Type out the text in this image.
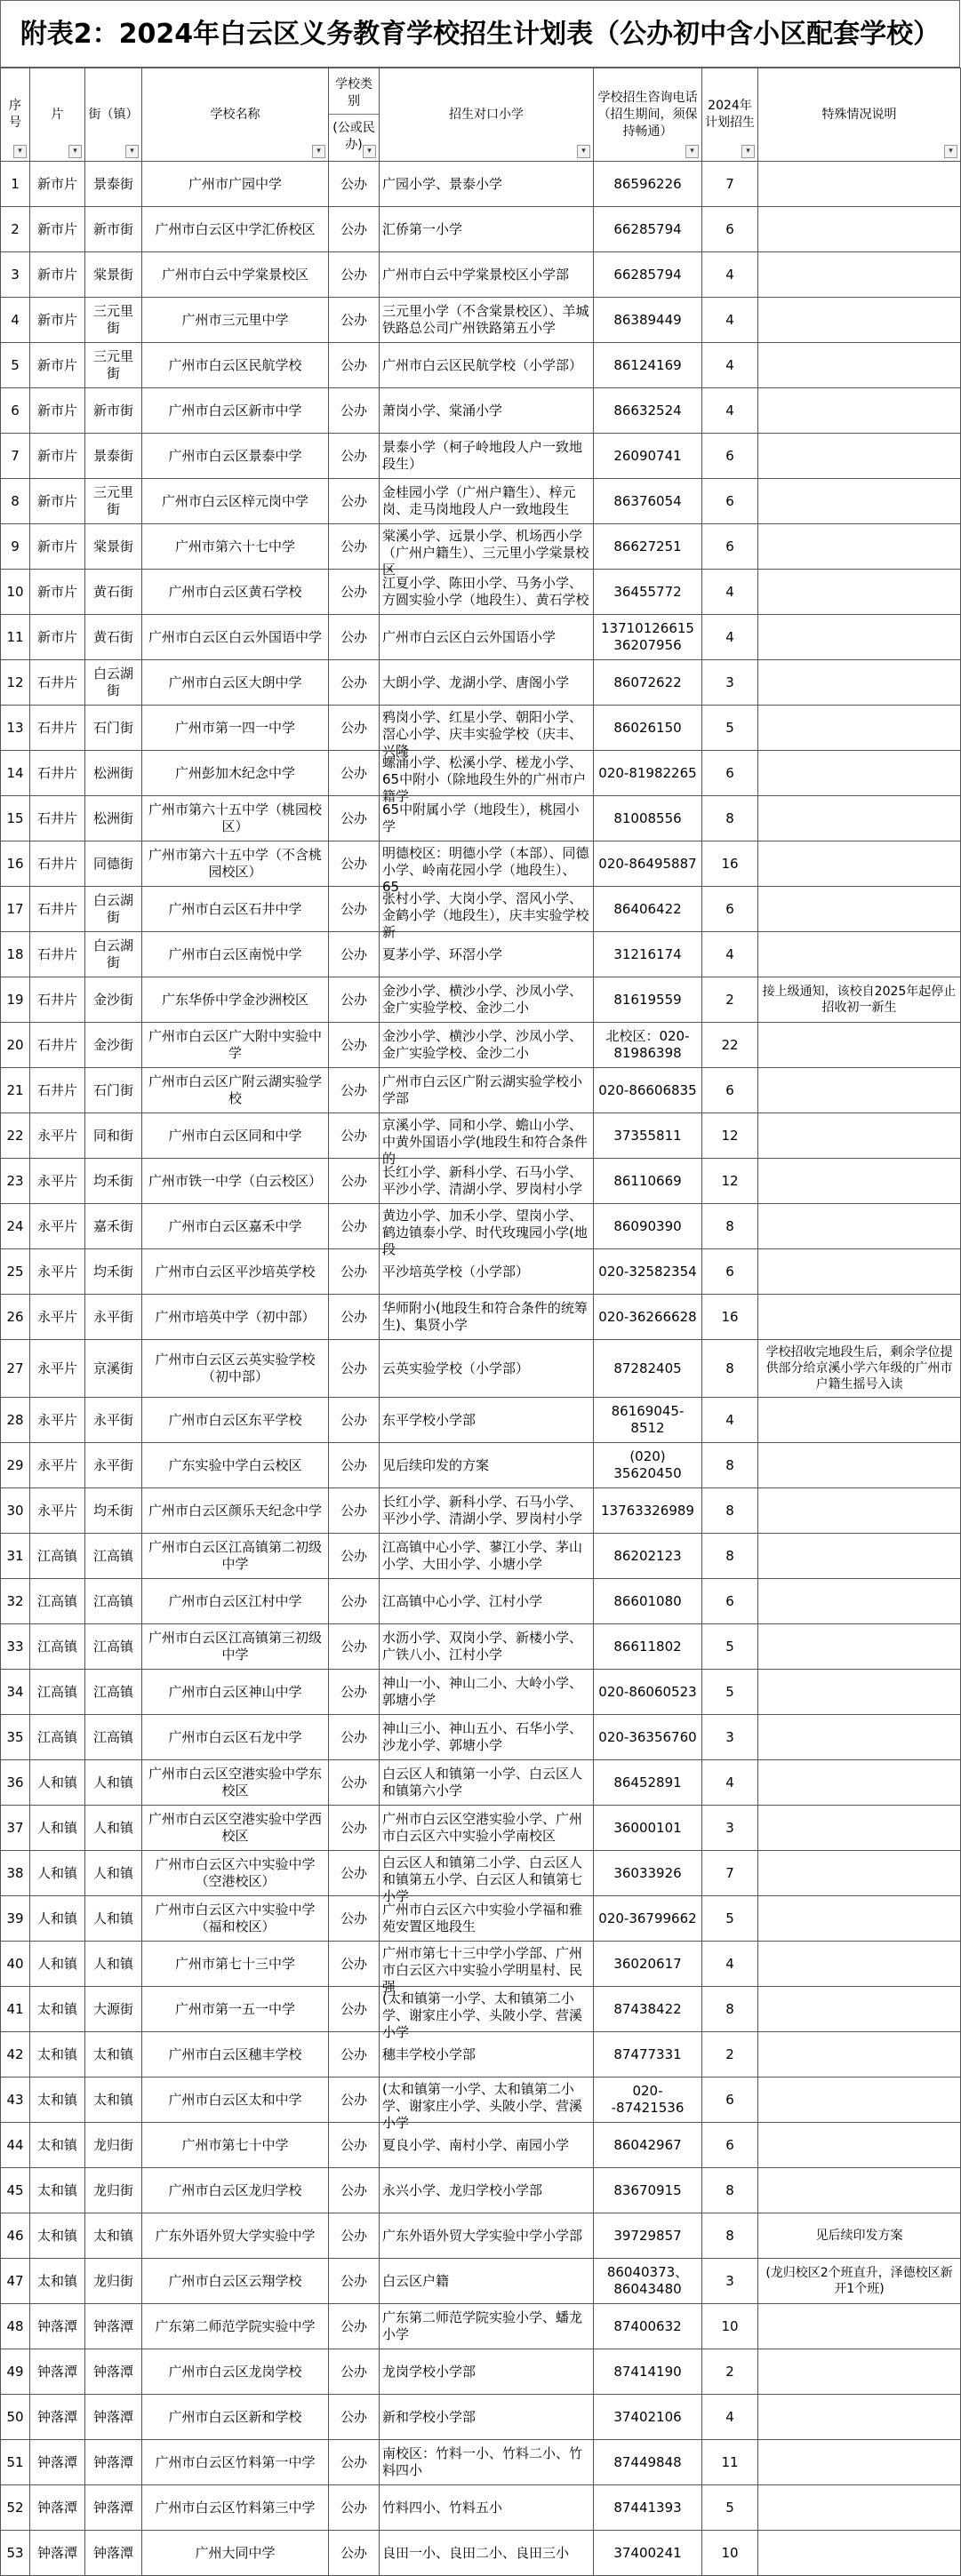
附表2：2024年白云区义务教育学校招生计划表（公办初中含小区配套学校）
序号 ▾	片 ▾	街（镇） ▾	学校名称 ▾	学校类别
(公或民办)
▾	招生对口小学 ▾	学校招生咨询电话（招生期间，须保持畅通） ▾	2024年计划招生 ▾	特殊情况说明 ▾

1	新市片	景泰街	广州市广园中学	公办	广园小学、景泰小学	86596226	7	

2	新市片	新市街	广州市白云区中学汇侨校区	公办	汇侨第一小学	66285794	6	

3	新市片	棠景街	广州市白云中学棠景校区	公办	广州市白云中学棠景校区小学部	66285794	4	

4	新市片	三元里街	广州市三元里中学	公办	三元里小学（不含棠景校区）、羊城铁路总公司广州铁路第五小学	86389449	4	

5	新市片	三元里街	广州市白云区民航学校	公办	广州市白云区民航学校（小学部）	86124169	4	

6	新市片	新市街	广州市白云区新市中学	公办	萧岗小学、棠涌小学	86632524	4	

7	新市片	景泰街	广州市白云区景泰中学	公办	景泰小学（柯子岭地段人户一致地段生）	26090741	6	

8	新市片	三元里街	广州市白云区梓元岗中学	公办	金桂园小学（广州户籍生）、梓元岗、走马岗地段人户一致地段生	86376054	6	

9	新市片	棠景街	广州市第六十七中学	公办	棠溪小学、远景小学、机场西小学（广州户籍生）、三元里小学棠景校区	86627251	6	

10	新市片	黄石街	广州市白云区黄石学校	公办	江夏小学、陈田小学、马务小学、方圆实验小学（地段生）、黄石学校	36455772	4	

11	新市片	黄石街	广州市白云区白云外国语中学	公办	广州市白云区白云外国语小学	13710126615
36207956	4	

12	石井片	白云湖街	广州市白云区大朗中学	公办	大朗小学、龙湖小学、唐阁小学	86072622	3	

13	石井片	石门街	广州市第一四一中学	公办	鸦岗小学、红星小学、朝阳小学、滘心小学、庆丰实验学校（庆丰、兴隆	86026150	5	

14	石井片	松洲街	广州彭加木纪念中学	公办	螺涌小学、松溪小学、槎龙小学、65中附小（除地段生外的广州市户籍学	020-81982265	6	

15	石井片	松洲街	广州市第六十五中学（桃园校区）	公办	65中附属小学（地段生），桃园小学	81008556	8	

16	石井片	同德街	广州市第六十五中学（不含桃园校区）	公办	明德校区：明德小学（本部）、同德小学、岭南花园小学（地段生）、65	020-86495887	16	

17	石井片	白云湖街	广州市白云区石井中学	公办	张村小学、大岗小学、滘风小学、金鹤小学（地段生），庆丰实验学校新	86406422	6	

18	石井片	白云湖街	广州市白云区南悦中学	公办	夏茅小学、环滘小学	31216174	4	

19	石井片	金沙街	广东华侨中学金沙洲校区	公办	金沙小学、横沙小学、沙凤小学、金广实验学校、金沙二小	81619559	2	接上级通知，该校自2025年起停止招收初一新生

20	石井片	金沙街	广州市白云区广大附中实验中学	公办	金沙小学、横沙小学、沙凤小学、金广实验学校、金沙二小	北校区：020-81986398	22	

21	石井片	石门街	广州市白云区广附云湖实验学校	公办	广州市白云区广附云湖实验学校小学部	020-86606835	6	

22	永平片	同和街	广州市白云区同和中学	公办	京溪小学、同和小学、蟾山小学、中黄外国语小学(地段生和符合条件的	37355811	12	

23	永平片	均禾街	广州市铁一中学（白云校区）	公办	长红小学、新科小学、石马小学、平沙小学、清湖小学、罗岗村小学	86110669	12	

24	永平片	嘉禾街	广州市白云区嘉禾中学	公办	黄边小学、加禾小学、望岗小学、鹤边镇泰小学、时代玫瑰园小学(地段	86090390	8	

25	永平片	均禾街	广州市白云区平沙培英学校	公办	平沙培英学校（小学部）	020-32582354	6	

26	永平片	永平街	广州市培英中学（初中部）	公办	华师附小(地段生和符合条件的统筹生)、集贤小学	020-36266628	16	

27	永平片	京溪街	广州市白云区云英实验学校（初中部）	公办	云英实验学校（小学部）	87282405	8	学校招收完地段生后，剩余学位提供部分给京溪小学六年级的广州市户籍生摇号入读

28	永平片	永平街	广州市白云区东平学校	公办	东平学校小学部	86169045-8512	4	

29	永平片	永平街	广东实验中学白云校区	公办	见后续印发的方案	(020) 35620450	8	

30	永平片	均禾街	广州市白云区颜乐天纪念中学	公办	长红小学、新科小学、石马小学、平沙小学、清湖小学、罗岗村小学	13763326989	8	

31	江高镇	江高镇	广州市白云区江高镇第二初级中学	公办	江高镇中心小学、蓼江小学、茅山小学、大田小学、小塘小学	86202123	8	

32	江高镇	江高镇	广州市白云区江村中学	公办	江高镇中心小学、江村小学	86601080	6	

33	江高镇	江高镇	广州市白云区江高镇第三初级中学	公办	水沥小学、双岗小学、新楼小学、广铁八小、江村小学	86611802	5	

34	江高镇	江高镇	广州市白云区神山中学	公办	神山一小、神山二小、大岭小学、郭塘小学	020-86060523	5	

35	江高镇	江高镇	广州市白云区石龙中学	公办	神山三小、神山五小、石华小学、沙龙小学、郭塘小学	020-36356760	3	

36	人和镇	人和镇	广州市白云区空港实验中学东校区	公办	白云区人和镇第一小学、白云区人和镇第六小学	86452891	4	

37	人和镇	人和镇	广州市白云区空港实验中学西校区	公办	广州市白云区空港实验小学、广州市白云区六中实验小学南校区	36000101	3	

38	人和镇	人和镇	广州市白云区六中实验中学（空港校区）	公办	白云区人和镇第二小学、白云区人和镇第五小学、白云区人和镇第七小学	36033926	7	

39	人和镇	人和镇	广州市白云区六中实验中学（福和校区）	公办	广州市白云区六中实验小学福和雅苑安置区地段生	020-36799662	5	

40	人和镇	人和镇	广州市第七十三中学	公办	广州市第七十三中学小学部、广州市白云区六中实验小学明星村、民强	36020617	4	

41	太和镇	大源街	广州市第一五一中学	公办	(太和镇第一小学、太和镇第二小学、谢家庄小学、头陂小学、营溪小学	87438422	8	

42	太和镇	太和镇	广州市白云区穗丰学校	公办	穗丰学校小学部	87477331	2	

43	太和镇	太和镇	广州市白云区太和中学	公办	(太和镇第一小学、太和镇第二小学、谢家庄小学、头陂小学、营溪小学	020--87421536	6	

44	太和镇	龙归街	广州市第七十中学	公办	夏良小学、南村小学、南园小学	86042967	6	

45	太和镇	龙归街	广州市白云区龙归学校	公办	永兴小学、龙归学校小学部	83670915	8	

46	太和镇	太和镇	广东外语外贸大学实验中学	公办	广东外语外贸大学实验中学小学部	39729857	8	见后续印发方案

47	太和镇	龙归街	广州市白云区云翔学校	公办	白云区户籍	86040373、86043480	3	(龙归校区2个班直升，泽德校区新开1个班)

48	钟落潭	钟落潭	广东第二师范学院实验中学	公办	广东第二师范学院实验小学、蟠龙小学	87400632	10	

49	钟落潭	钟落潭	广州市白云区龙岗学校	公办	龙岗学校小学部	87414190	2	

50	钟落潭	钟落潭	广州市白云区新和学校	公办	新和学校小学部	37402106	4	

51	钟落潭	钟落潭	广州市白云区竹料第一中学	公办	南校区：竹料一小、竹料二小、竹料四小	87449848	11	

52	钟落潭	钟落潭	广州市白云区竹料第三中学	公办	竹料四小、竹料五小	87441393	5	

53	钟落潭	钟落潭	广州大同中学	公办	良田一小、良田二小、良田三小	37400241	10	
